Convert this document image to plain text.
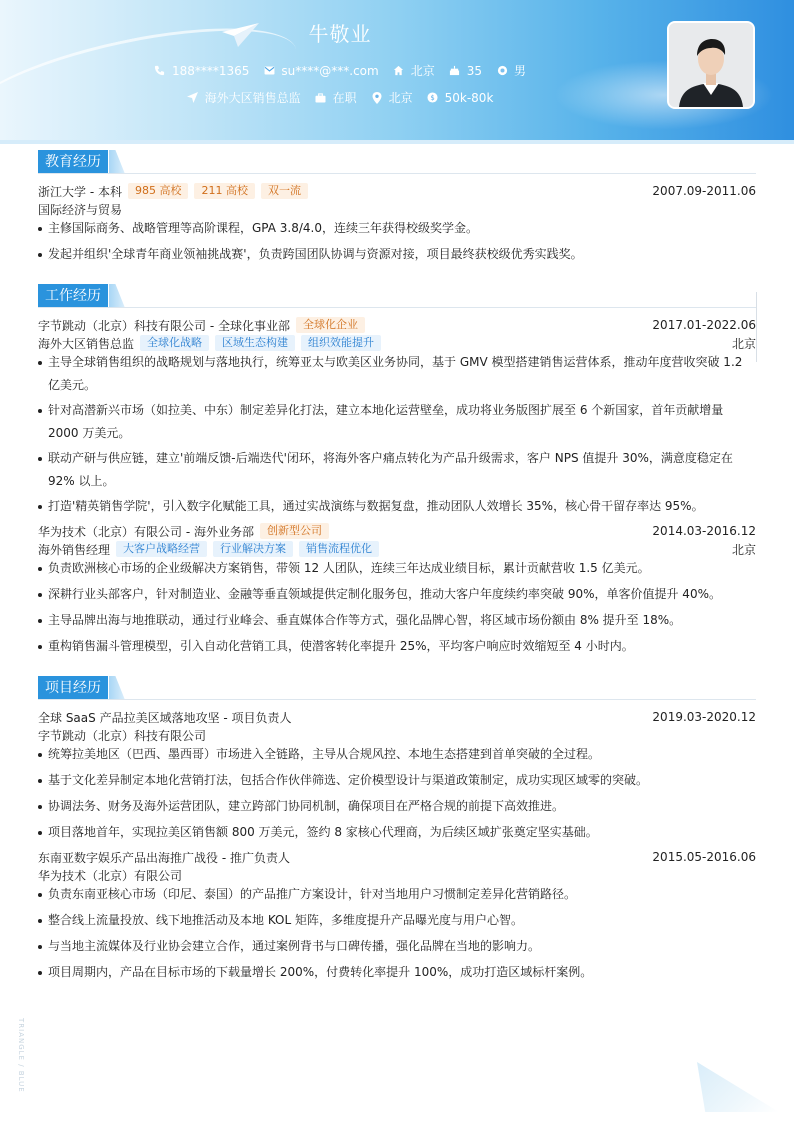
牛敬业
188****1365	su****@***.com	北京	35	男
海外大区销售总监	在职	北京 $ 50k-80k
教育经历
浙江大学 - 本科	985 高校	211 高校	双一流	2007.09-2011.06
国际经济与贸易
主修国际商务、战略管理等高阶课程，GPA 3.8/4.0，连续三年获得校级奖学金。
发起并组织'全球青年商业领袖挑战赛'，负责跨国团队协调与资源对接，项目最终获校级优秀实践奖。
工作经历
字节跳动（北京）科技有限公司 - 全球化事业部	全球化企业	2017.01-2022.06
海外大区销售总监	全球化战略	区域生态构建	组织效能提升	北京
主导全球销售组织的战略规划与落地执行，统筹亚太与欧美区业务协同，基于 GMV 模型搭建销售运营体系，推动年度营收突破 1.2 亿美元。
针对高潜新兴市场（如拉美、中东）制定差异化打法，建立本地化运营壁垒，成功将业务版图扩展至 6 个新国家，首年贡献增量 2000 万美元。
联动产研与供应链，建立'前端反馈-后端迭代'闭环，将海外客户痛点转化为产品升级需求，客户 NPS 值提升 30%，满意度稳定在 92% 以上。
打造'精英销售学院'，引入数字化赋能工具，通过实战演练与数据复盘，推动团队人效增长 35%，核心骨干留存率达 95%。
华为技术（北京）有限公司 - 海外业务部	创新型公司	2014.03-2016.12
海外销售经理	大客户战略经营	行业解决方案	销售流程优化	北京
负责欧洲核心市场的企业级解决方案销售，带领 12 人团队，连续三年达成业绩目标，累计贡献营收 1.5 亿美元。
深耕行业头部客户，针对制造业、金融等垂直领域提供定制化服务包，推动大客户年度续约率突破 90%，单客价值提升 40%。
主导品牌出海与地推联动，通过行业峰会、垂直媒体合作等方式，强化品牌心智，将区域市场份额由 8% 提升至 18%。
重构销售漏斗管理模型，引入自动化营销工具，使潜客转化率提升 25%，平均客户响应时效缩短至 4 小时内。
项目经历
全球 SaaS 产品拉美区域落地攻坚 - 项目负责人	2019.03-2020.12
字节跳动（北京）科技有限公司
统筹拉美地区（巴西、墨西哥）市场进入全链路，主导从合规风控、本地生态搭建到首单突破的全过程。
基于文化差异制定本地化营销打法，包括合作伙伴筛选、定价模型设计与渠道政策制定，成功实现区域零的突破。
协调法务、财务及海外运营团队，建立跨部门协同机制，确保项目在严格合规的前提下高效推进。
项目落地首年，实现拉美区销售额 800 万美元，签约 8 家核心代理商，为后续区域扩张奠定坚实基础。
东南亚数字娱乐产品出海推广战役 - 推广负责人	2015.05-2016.06
华为技术（北京）有限公司
负责东南亚核心市场（印尼、泰国）的产品推广方案设计，针对当地用户习惯制定差异化营销路径。
整合线上流量投放、线下地推活动及本地 KOL 矩阵，多维度提升产品曝光度与用户心智。
与当地主流媒体及行业协会建立合作，通过案例背书与口碑传播，强化品牌在当地的影响力。
项目周期内，产品在目标市场的下载量增长 200%，付费转化率提升 100%，成功打造区域标杆案例。
TRIANGLE / BLUE
